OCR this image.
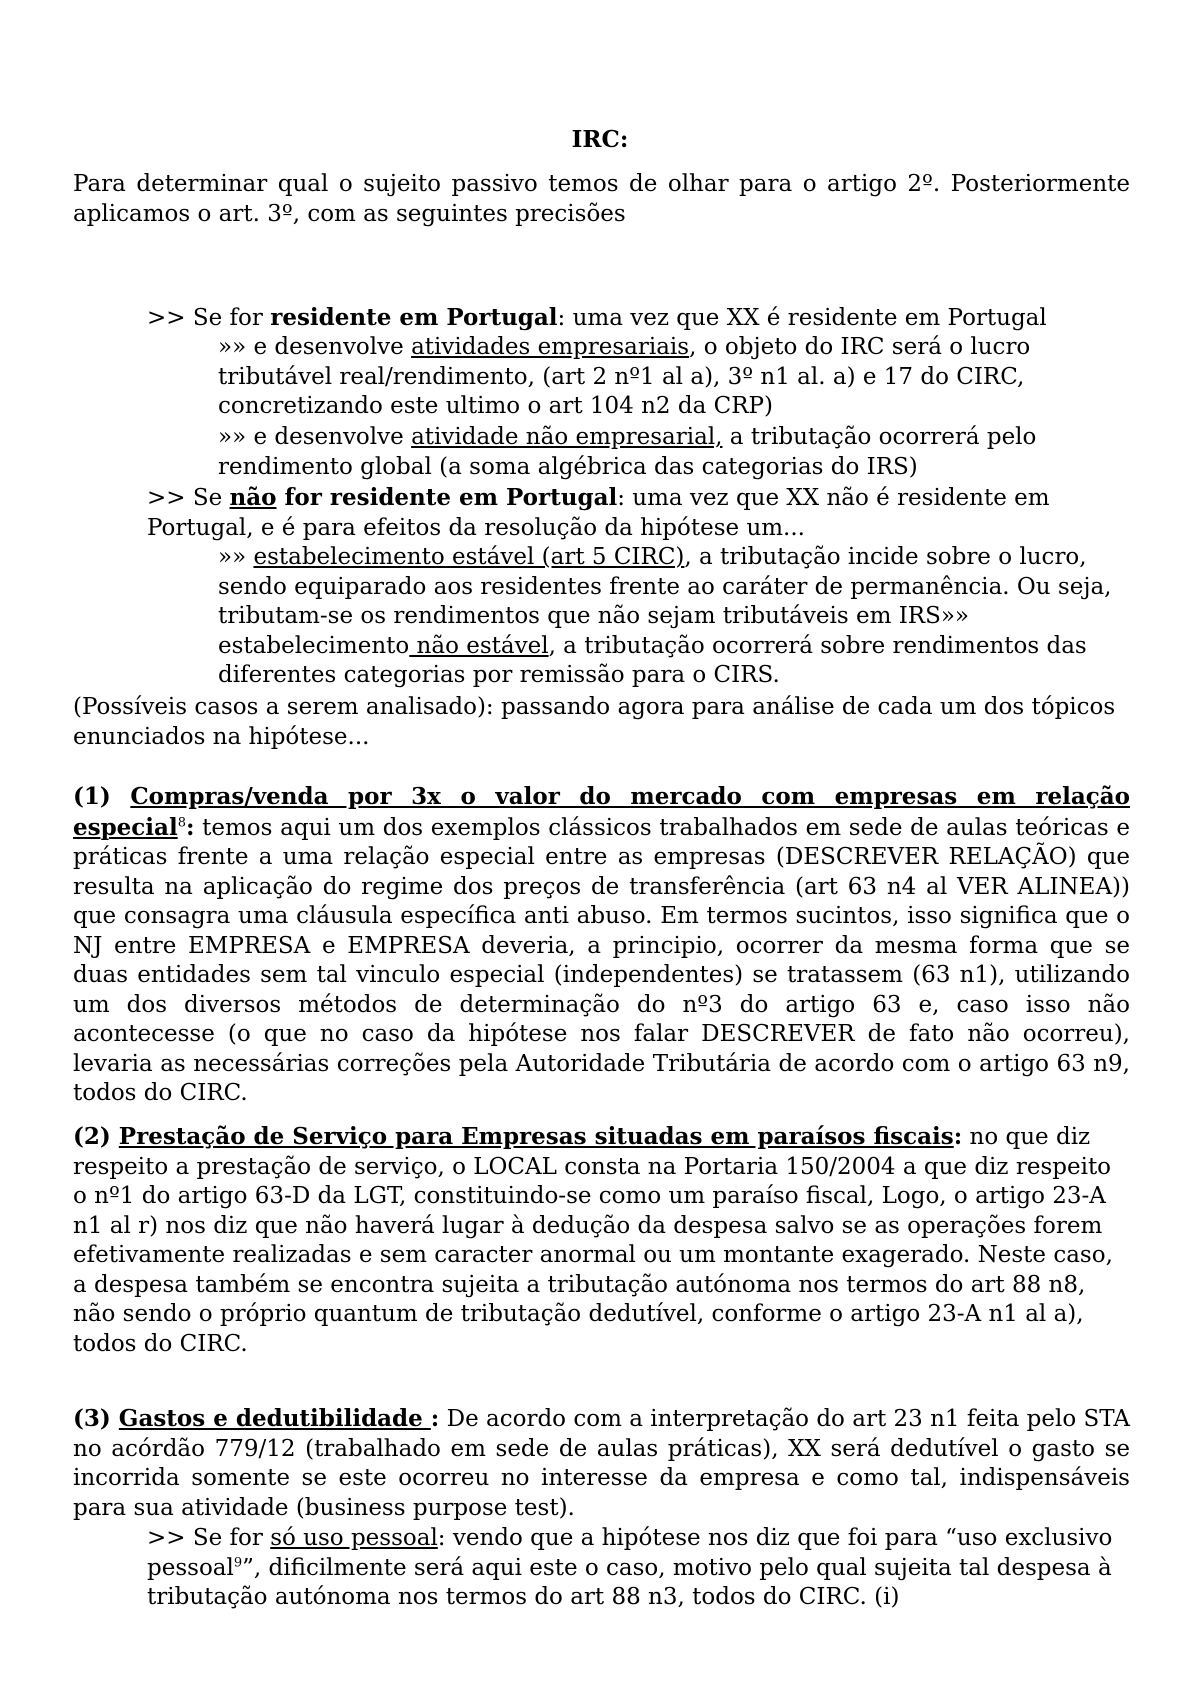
IRC:

Para determinar qual o sujeito passivo temos de olhar para o artigo 2º. Posteriormente aplicamos o art. 3º, com as seguintes precisões

>> Se for residente em Portugal: uma vez que XX é residente em Portugal
»» e desenvolve atividades empresariais, o objeto do IRC será o lucro tributável real/rendimento, (art 2 nº1 al a), 3º n1 al. a) e 17 do CIRC, concretizando este ultimo o art 104 n2 da CRP)
»» e desenvolve atividade não empresarial, a tributação ocorrerá pelo rendimento global (a soma algébrica das categorias do IRS)
>> Se não for residente em Portugal: uma vez que XX não é residente em Portugal, e é para efeitos da resolução da hipótese um...
»» estabelecimento estável (art 5 CIRC), a tributação incide sobre o lucro, sendo equiparado aos residentes frente ao caráter de permanência. Ou seja, tributam-se os rendimentos que não sejam tributáveis em IRS»» estabelecimento não estável, a tributação ocorrerá sobre rendimentos das diferentes categorias por remissão para o CIRS.
(Possíveis casos a serem analisado): passando agora para análise de cada um dos tópicos enunciados na hipótese...
(1) Compras/venda por 3x o valor do mercado com empresas em relação especial$^8$: temos aqui um dos exemplos clássicos trabalhados em sede de aulas teóricas e práticas frente a uma relação especial entre as empresas (DESCREVER RELAÇÃO) que resulta na aplicação do regime dos preços de transferência (art 63 n4 al VER ALINEA)) que consagra uma cláusula específica anti abuso. Em termos sucintos, isso significa que o NJ entre EMPRESA e EMPRESA deveria, a principio, ocorrer da mesma forma que se duas entidades sem tal vinculo especial (independentes) se tratassem (63 n1), utilizando um dos diversos métodos de determinação do nº3 do artigo 63 e, caso isso não acontecesse (o que no caso da hipótese nos falar DESCREVER de fato não ocorreu), levaria as necessárias correções pela Autoridade Tributária de acordo com o artigo 63 n9, todos do CIRC.
(2) Prestação de Serviço para Empresas situadas em paraísos fiscais: no que diz respeito a prestação de serviço, o LOCAL consta na Portaria 150/2004 a que diz respeito o nº1 do artigo 63-D da LGT, constituindo-se como um paraíso fiscal, Logo, o artigo 23-A n1 al r) nos diz que não haverá lugar à dedução da despesa salvo se as operações forem efetivamente realizadas e sem caracter anormal ou um montante exagerado. Neste caso, a despesa também se encontra sujeita a tributação autónoma nos termos do art 88 n8, não sendo o próprio quantum de tributação dedutível, conforme o artigo 23-A n1 al a), todos do CIRC.
(3) Gastos e dedutibilidade : De acordo com a interpretação do art 23 n1 feita pelo STA no acórdão 779/12 (trabalhado em sede de aulas práticas), XX será dedutível o gasto se incorrida somente se este ocorreu no interesse da empresa e como tal, indispensáveis para sua atividade (business purpose test).
>> Se for só uso pessoal: vendo que a hipótese nos diz que foi para “uso exclusivo pessoal$^9$”, dificilmente será aqui este o caso, motivo pelo qual sujeita tal despesa à tributação autónoma nos termos do art 88 n3, todos do CIRC. (i)
